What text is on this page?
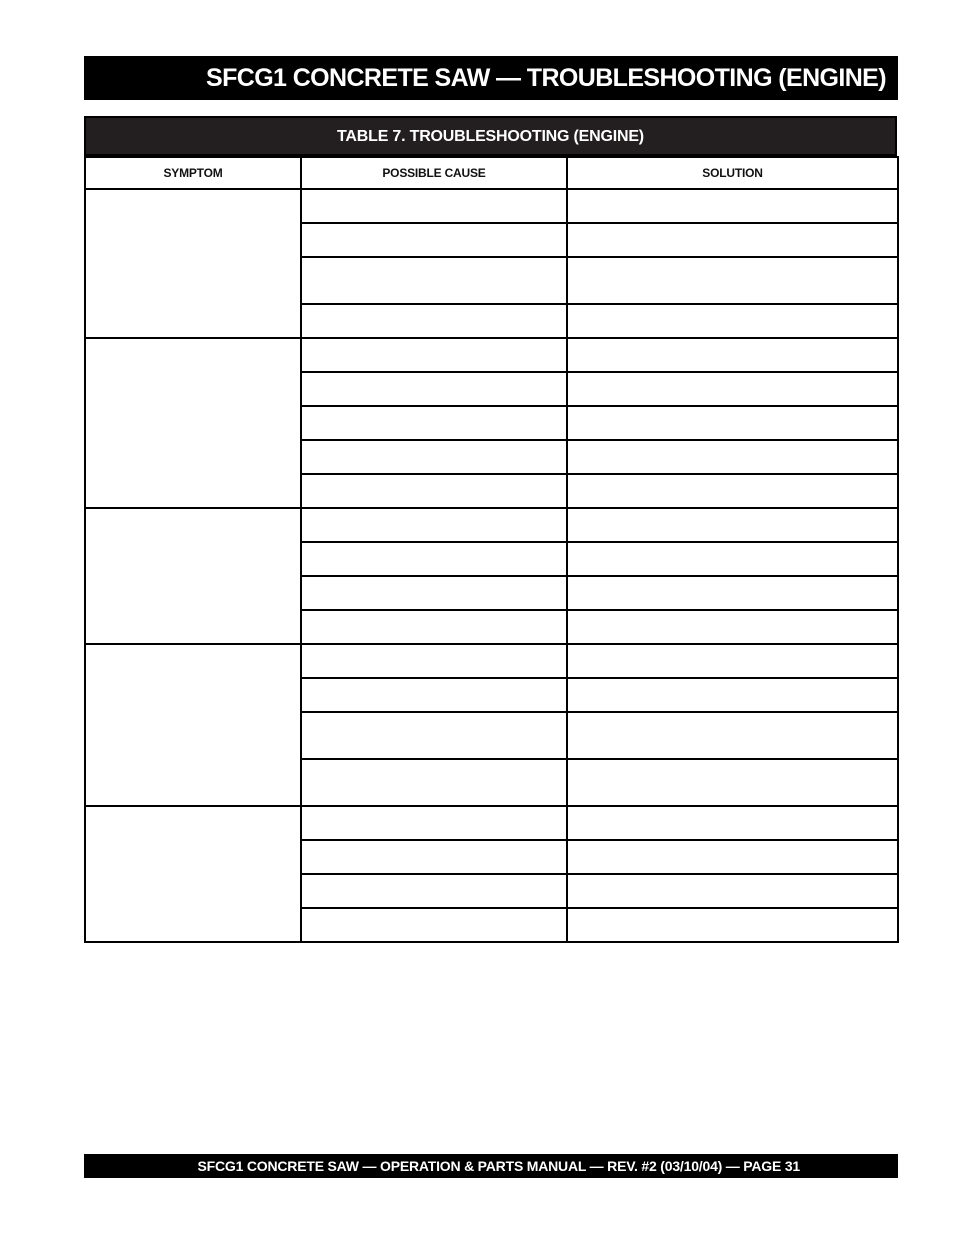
SFCG1 CONCRETE SAW — TROUBLESHOOTING (ENGINE)
TABLE 7. TROUBLESHOOTING (ENGINE)
SYMPTOM	POSSIBLE CAUSE	SOLUTION

SFCG1 CONCRETE SAW — OPERATION & PARTS MANUAL — REV. #2 (03/10/04) — PAGE 31
